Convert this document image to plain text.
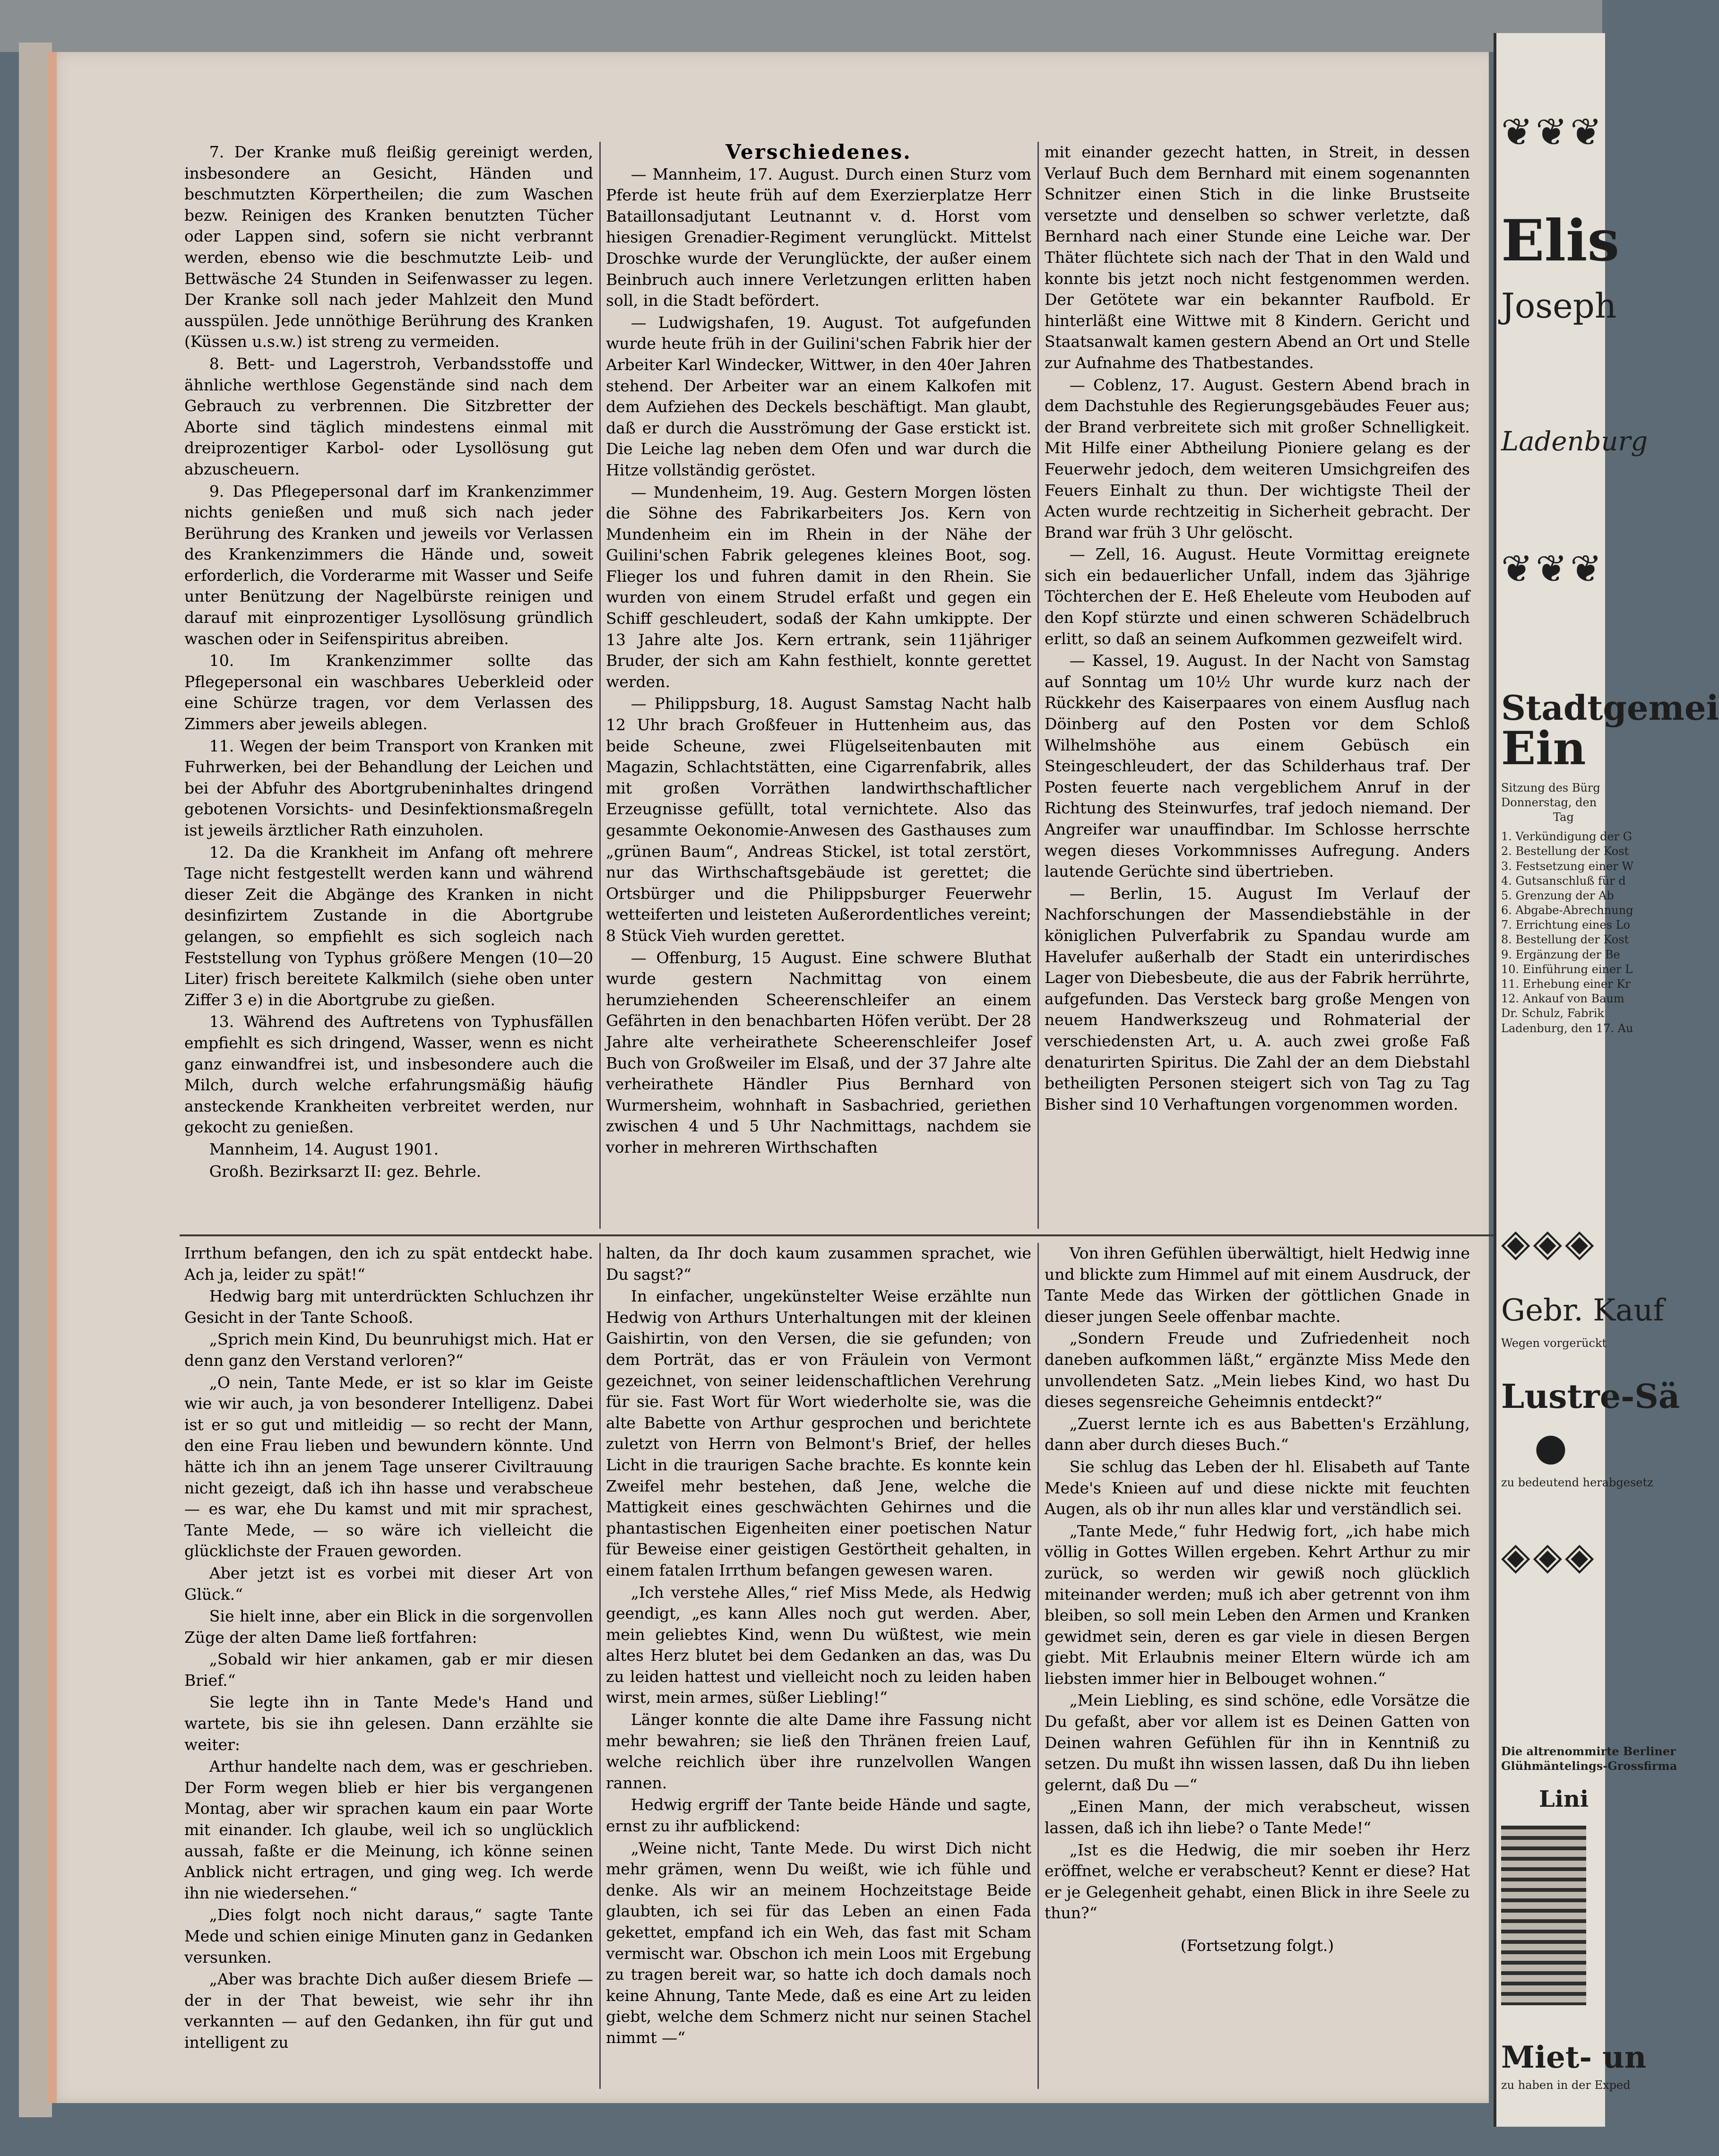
7. Der Kranke muß fleißig gereinigt werden, insbesondere an Gesicht, Händen und beschmutzten Körpertheilen; die zum Waschen bezw. Reinigen des Kranken benutzten Tücher oder Lappen sind, sofern sie nicht verbrannt werden, ebenso wie die beschmutzte Leib- und Bettwäsche 24 Stunden in Seifenwasser zu legen. Der Kranke soll nach jeder Mahlzeit den Mund ausspülen. Jede unnöthige Berührung des Kranken (Küssen u.s.w.) ist streng zu vermeiden.

8. Bett- und Lagerstroh, Verbandsstoffe und ähnliche werthlose Gegenstände sind nach dem Gebrauch zu verbrennen. Die Sitzbretter der Aborte sind täglich mindestens einmal mit dreiprozentiger Karbol- oder Lysollösung gut abzuscheuern.

9. Das Pflegepersonal darf im Krankenzimmer nichts genießen und muß sich nach jeder Berührung des Kranken und jeweils vor Verlassen des Krankenzimmers die Hände und, soweit erforderlich, die Vorderarme mit Wasser und Seife unter Benützung der Nagelbürste reinigen und darauf mit einprozentiger Lysollösung gründlich waschen oder in Seifenspiritus abreiben.

10. Im Krankenzimmer sollte das Pflegepersonal ein waschbares Ueberkleid oder eine Schürze tragen, vor dem Verlassen des Zimmers aber jeweils ablegen.

11. Wegen der beim Transport von Kranken mit Fuhrwerken, bei der Behandlung der Leichen und bei der Abfuhr des Abortgrubeninhaltes dringend gebotenen Vorsichts- und Desinfektionsmaßregeln ist jeweils ärztlicher Rath einzuholen.

12. Da die Krankheit im Anfang oft mehrere Tage nicht festgestellt werden kann und während dieser Zeit die Abgänge des Kranken in nicht desinfizirtem Zustande in die Abortgrube gelangen, so empfiehlt es sich sogleich nach Feststellung von Typhus größere Mengen (10—20 Liter) frisch bereitete Kalkmilch (siehe oben unter Ziffer 3 e) in die Abortgrube zu gießen.

13. Während des Auftretens von Typhusfällen empfiehlt es sich dringend, Wasser, wenn es nicht ganz einwandfrei ist, und insbesondere auch die Milch, durch welche erfahrungsmäßig häufig ansteckende Krankheiten verbreitet werden, nur gekocht zu genießen.

Mannheim, 14. August 1901.

Großh. Bezirksarzt II: gez. Behrle.

Verschiedenes.

— Mannheim, 17. August. Durch einen Sturz vom Pferde ist heute früh auf dem Exerzierplatze Herr Bataillonsadjutant Leutnannt v. d. Horst vom hiesigen Grenadier-Regiment verunglückt. Mittelst Droschke wurde der Verunglückte, der außer einem Beinbruch auch innere Verletzungen erlitten haben soll, in die Stadt befördert.

— Ludwigshafen, 19. August. Tot aufgefunden wurde heute früh in der Guilini'schen Fabrik hier der Arbeiter Karl Windecker, Wittwer, in den 40er Jahren stehend. Der Arbeiter war an einem Kalkofen mit dem Aufziehen des Deckels beschäftigt. Man glaubt, daß er durch die Ausströmung der Gase erstickt ist. Die Leiche lag neben dem Ofen und war durch die Hitze vollständig geröstet.

— Mundenheim, 19. Aug. Gestern Morgen lösten die Söhne des Fabrikarbeiters Jos. Kern von Mundenheim ein im Rhein in der Nähe der Guilini'schen Fabrik gelegenes kleines Boot, sog. Flieger los und fuhren damit in den Rhein. Sie wurden von einem Strudel erfaßt und gegen ein Schiff geschleudert, sodaß der Kahn umkippte. Der 13 Jahre alte Jos. Kern ertrank, sein 11jähriger Bruder, der sich am Kahn festhielt, konnte gerettet werden.

— Philippsburg, 18. August Samstag Nacht halb 12 Uhr brach Großfeuer in Huttenheim aus, das beide Scheune, zwei Flügelseitenbauten mit Magazin, Schlachtstätten, eine Cigarrenfabrik, alles mit großen Vorräthen landwirthschaftlicher Erzeugnisse gefüllt, total vernichtete. Also das gesammte Oekonomie-Anwesen des Gasthauses zum „grünen Baum“, Andreas Stickel, ist total zerstört, nur das Wirthschaftsgebäude ist gerettet; die Ortsbürger und die Philippsburger Feuerwehr wetteiferten und leisteten Außerordentliches vereint; 8 Stück Vieh wurden gerettet.

— Offenburg, 15 August. Eine schwere Bluthat wurde gestern Nachmittag von einem herumziehenden Scheerenschleifer an einem Gefährten in den benachbarten Höfen verübt. Der 28 Jahre alte verheirathete Scheerenschleifer Josef Buch von Großweiler im Elsaß, und der 37 Jahre alte verheirathete Händler Pius Bernhard von Wurmersheim, wohnhaft in Sasbachried, geriethen zwischen 4 und 5 Uhr Nachmittags, nachdem sie vorher in mehreren Wirthschaften

mit einander gezecht hatten, in Streit, in dessen Verlauf Buch dem Bernhard mit einem sogenannten Schnitzer einen Stich in die linke Brustseite versetzte und denselben so schwer verletzte, daß Bernhard nach einer Stunde eine Leiche war. Der Thäter flüchtete sich nach der That in den Wald und konnte bis jetzt noch nicht festgenommen werden. Der Getötete war ein bekannter Raufbold. Er hinterläßt eine Wittwe mit 8 Kindern. Gericht und Staatsanwalt kamen gestern Abend an Ort und Stelle zur Aufnahme des Thatbestandes.

— Coblenz, 17. August. Gestern Abend brach in dem Dachstuhle des Regierungsgebäudes Feuer aus; der Brand verbreitete sich mit großer Schnelligkeit. Mit Hilfe einer Abtheilung Pioniere gelang es der Feuerwehr jedoch, dem weiteren Umsichgreifen des Feuers Einhalt zu thun. Der wichtigste Theil der Acten wurde rechtzeitig in Sicherheit gebracht. Der Brand war früh 3 Uhr gelöscht.

— Zell, 16. August. Heute Vormittag ereignete sich ein bedauerlicher Unfall, indem das 3jährige Töchterchen der E. Heß Eheleute vom Heuboden auf den Kopf stürzte und einen schweren Schädelbruch erlitt, so daß an seinem Aufkommen gezweifelt wird.

— Kassel, 19. August. In der Nacht von Samstag auf Sonntag um 10½ Uhr wurde kurz nach der Rückkehr des Kaiserpaares von einem Ausflug nach Döinberg auf den Posten vor dem Schloß Wilhelmshöhe aus einem Gebüsch ein Steingeschleudert, der das Schilderhaus traf. Der Posten feuerte nach vergeblichem Anruf in der Richtung des Steinwurfes, traf jedoch niemand. Der Angreifer war unauffindbar. Im Schlosse herrschte wegen dieses Vorkommnisses Aufregung. Anders lautende Gerüchte sind übertrieben.

— Berlin, 15. August Im Verlauf der Nachforschungen der Massendiebstähle in der königlichen Pulverfabrik zu Spandau wurde am Havelufer außerhalb der Stadt ein unterirdisches Lager von Diebesbeute, die aus der Fabrik herrührte, aufgefunden. Das Versteck barg große Mengen von neuem Handwerkszeug und Rohmaterial der verschiedensten Art, u. A. auch zwei große Faß denaturirten Spiritus. Die Zahl der an dem Diebstahl betheiligten Personen steigert sich von Tag zu Tag Bisher sind 10 Verhaftungen vorgenommen worden.

Irrthum befangen, den ich zu spät entdeckt habe. Ach ja, leider zu spät!“

Hedwig barg mit unterdrückten Schluchzen ihr Gesicht in der Tante Schooß.

„Sprich mein Kind, Du beunruhigst mich. Hat er denn ganz den Verstand verloren?“

„O nein, Tante Mede, er ist so klar im Geiste wie wir auch, ja von besonderer Intelligenz. Dabei ist er so gut und mitleidig — so recht der Mann, den eine Frau lieben und bewundern könnte. Und hätte ich ihn an jenem Tage unserer Civiltrauung nicht gezeigt, daß ich ihn hasse und verabscheue — es war, ehe Du kamst und mit mir sprachest, Tante Mede, — so wäre ich vielleicht die glücklichste der Frauen geworden.

Aber jetzt ist es vorbei mit dieser Art von Glück.“

Sie hielt inne, aber ein Blick in die sorgenvollen Züge der alten Dame ließ fortfahren:

„Sobald wir hier ankamen, gab er mir diesen Brief.“

Sie legte ihn in Tante Mede's Hand und wartete, bis sie ihn gelesen. Dann erzählte sie weiter:

Arthur handelte nach dem, was er geschrieben. Der Form wegen blieb er hier bis vergangenen Montag, aber wir sprachen kaum ein paar Worte mit einander. Ich glaube, weil ich so unglücklich aussah, faßte er die Meinung, ich könne seinen Anblick nicht ertragen, und ging weg. Ich werde ihn nie wiedersehen.“

„Dies folgt noch nicht daraus,“ sagte Tante Mede und schien einige Minuten ganz in Gedanken versunken.

„Aber was brachte Dich außer diesem Briefe — der in der That beweist, wie sehr ihr ihn verkannten — auf den Gedanken, ihn für gut und intelligent zu

halten, da Ihr doch kaum zusammen sprachet, wie Du sagst?“

In einfacher, ungekünstelter Weise erzählte nun Hedwig von Arthurs Unterhaltungen mit der kleinen Gaishirtin, von den Versen, die sie gefunden; von dem Porträt, das er von Fräulein von Vermont gezeichnet, von seiner leidenschaftlichen Verehrung für sie. Fast Wort für Wort wiederholte sie, was die alte Babette von Arthur gesprochen und berichtete zuletzt von Herrn von Belmont's Brief, der helles Licht in die traurigen Sache brachte. Es konnte kein Zweifel mehr bestehen, daß Jene, welche die Mattigkeit eines geschwächten Gehirnes und die phantastischen Eigenheiten einer poetischen Natur für Beweise einer geistigen Gestörtheit gehalten, in einem fatalen Irrthum befangen gewesen waren.

„Ich verstehe Alles,“ rief Miss Mede, als Hedwig geendigt, „es kann Alles noch gut werden. Aber, mein geliebtes Kind, wenn Du wüßtest, wie mein altes Herz blutet bei dem Gedanken an das, was Du zu leiden hattest und vielleicht noch zu leiden haben wirst, mein armes, süßer Liebling!“

Länger konnte die alte Dame ihre Fassung nicht mehr bewahren; sie ließ den Thränen freien Lauf, welche reichlich über ihre runzelvollen Wangen rannen.

Hedwig ergriff der Tante beide Hände und sagte, ernst zu ihr aufblickend:

„Weine nicht, Tante Mede. Du wirst Dich nicht mehr grämen, wenn Du weißt, wie ich fühle und denke. Als wir an meinem Hochzeitstage Beide glaubten, ich sei für das Leben an einen Fada gekettet, empfand ich ein Weh, das fast mit Scham vermischt war. Obschon ich mein Loos mit Ergebung zu tragen bereit war, so hatte ich doch damals noch keine Ahnung, Tante Mede, daß es eine Art zu leiden giebt, welche dem Schmerz nicht nur seinen Stachel nimmt —“

Von ihren Gefühlen überwältigt, hielt Hedwig inne und blickte zum Himmel auf mit einem Ausdruck, der Tante Mede das Wirken der göttlichen Gnade in dieser jungen Seele offenbar machte.

„Sondern Freude und Zufriedenheit noch daneben aufkommen läßt,“ ergänzte Miss Mede den unvollendeten Satz. „Mein liebes Kind, wo hast Du dieses segensreiche Geheimnis entdeckt?“

„Zuerst lernte ich es aus Babetten's Erzählung, dann aber durch dieses Buch.“

Sie schlug das Leben der hl. Elisabeth auf Tante Mede's Knieen auf und diese nickte mit feuchten Augen, als ob ihr nun alles klar und verständlich sei.

„Tante Mede,“ fuhr Hedwig fort, „ich habe mich völlig in Gottes Willen ergeben. Kehrt Arthur zu mir zurück, so werden wir gewiß noch glücklich miteinander werden; muß ich aber getrennt von ihm bleiben, so soll mein Leben den Armen und Kranken gewidmet sein, deren es gar viele in diesen Bergen giebt. Mit Erlaubnis meiner Eltern würde ich am liebsten immer hier in Belbouget wohnen.“

„Mein Liebling, es sind schöne, edle Vorsätze die Du gefaßt, aber vor allem ist es Deinen Gatten von Deinen wahren Gefühlen für ihn in Kenntniß zu setzen. Du mußt ihn wissen lassen, daß Du ihn lieben gelernt, daß Du —“

„Einen Mann, der mich verabscheut, wissen lassen, daß ich ihn liebe? o Tante Mede!“

„Ist es die Hedwig, die mir soeben ihr Herz eröffnet, welche er verabscheut? Kennt er diese? Hat er je Gelegenheit gehabt, einen Blick in ihre Seele zu thun?“

(Fortsetzung folgt.)

❦❦❦
Elis
Joseph
Ladenburg
❦❦❦
Stadtgemei
Ein
Sitzung des Bürg
Donnerstag, den
Tag
1. Verkündigung der G
2. Bestellung der Kost
3. Festsetzung einer W
4. Gutsanschluß für d
5. Grenzung der Ab
6. Abgabe-Abrechnung
7. Errichtung eines Lo
8. Bestellung der Kost
9. Ergänzung der Be
10. Einführung einer L
11. Erhebung einer Kr
12. Ankauf von Baum
Dr. Schulz, Fabrik
Ladenburg, den 17. Au
◈◈◈
Gebr. Kauf
Wegen vorgerückt
Lustre-Sä
●
zu bedeutend herabgesetz
◈◈◈
Die altrenommirte Berliner
Glühmäntelings-Grossfirma
Lini
Miet- un
zu haben in der Exped
